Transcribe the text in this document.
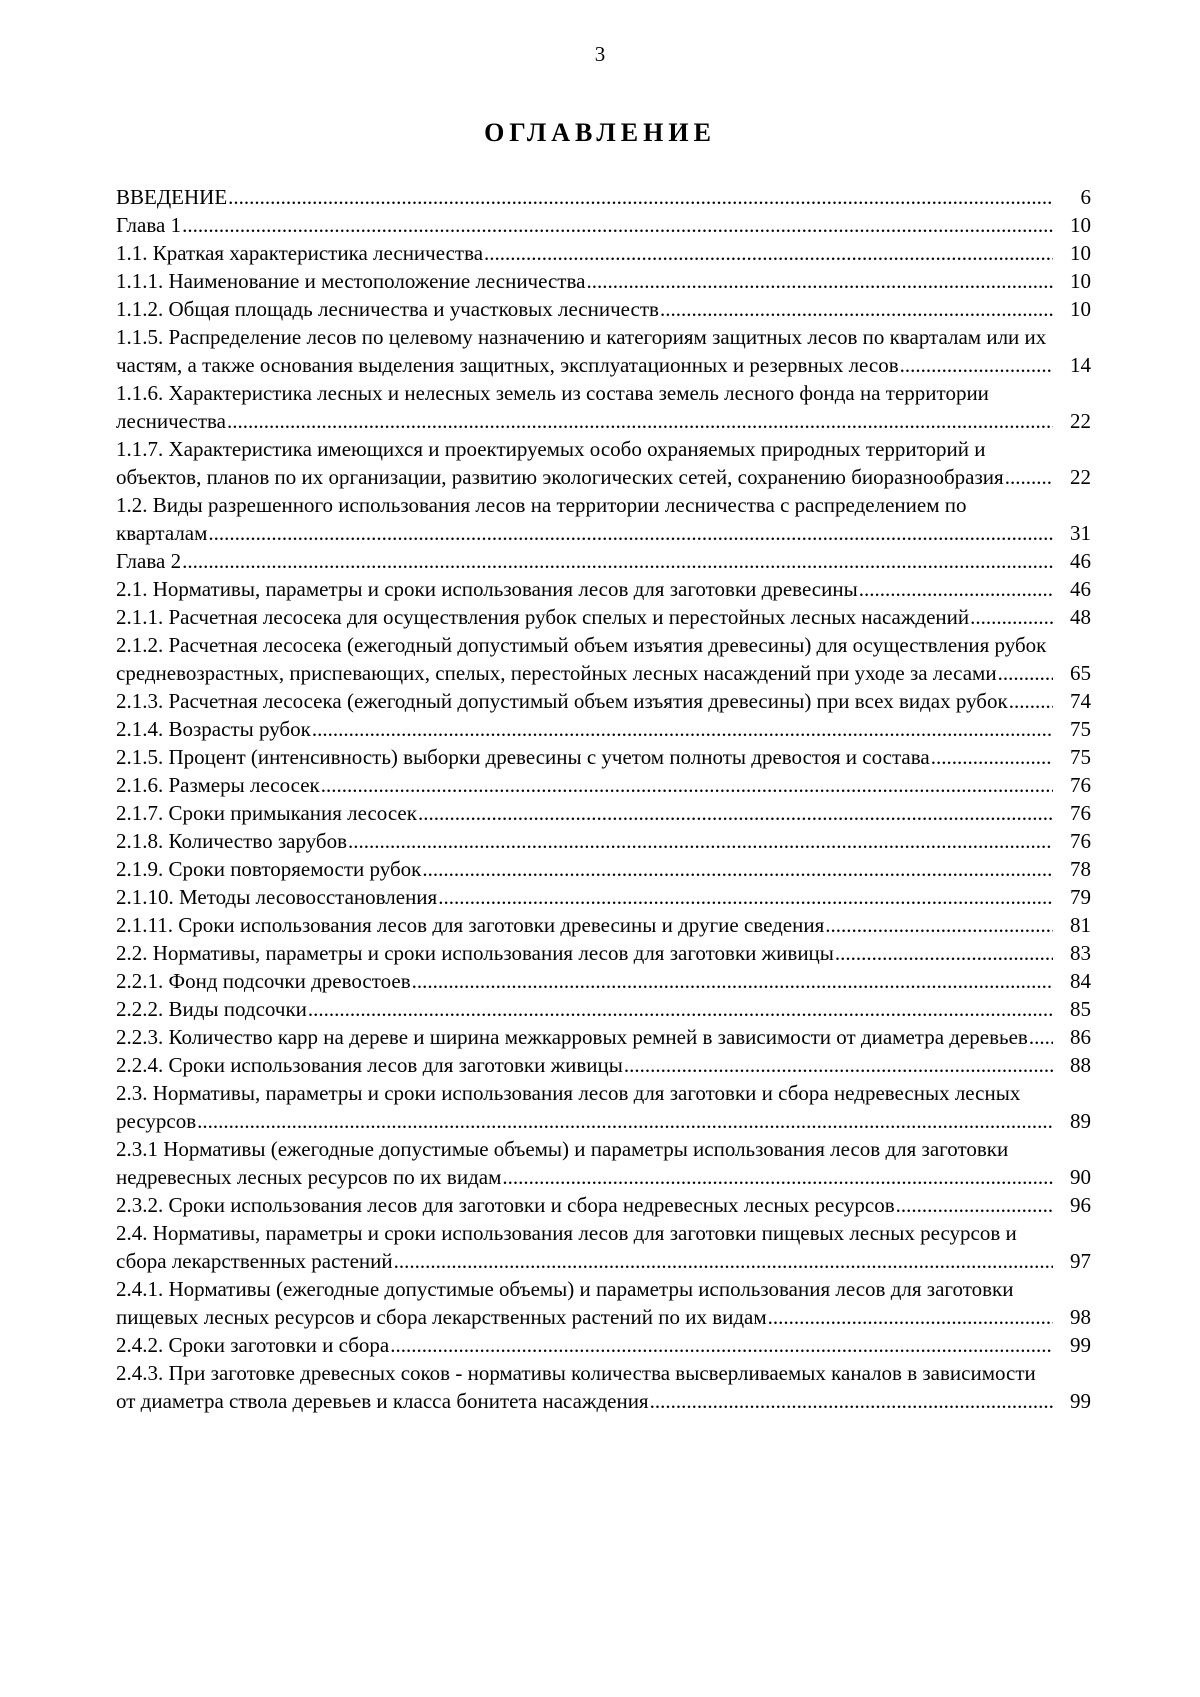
3
ОГЛАВЛЕНИЕ
ВВЕДЕНИЕ .....	6
Глава 1 .....	10
1.1. Краткая характеристика лесничества .....	10
1.1.1. Наименование и местоположение лесничества .....	10
1.1.2. Общая площадь лесничества и участковых лесничеств .....	10
1.1.5. Распределение лесов по целевому назначению и категориям защитных лесов по кварталам или их частям, а также основания выделения защитных, эксплуатационных и резервных лесов .....	14
1.1.6. Характеристика лесных и нелесных земель из состава земель лесного фонда на территории лесничества .....	22
1.1.7. Характеристика имеющихся и проектируемых особо охраняемых природных территорий и объектов, планов по их организации, развитию экологических сетей, сохранению биоразнообразия .....	22
1.2. Виды разрешенного использования лесов на территории лесничества с распределением по кварталам .....	31
Глава 2 .....	46
2.1. Нормативы, параметры и сроки использования лесов для заготовки древесины .....	46
2.1.1. Расчетная лесосека для осуществления рубок спелых и перестойных лесных насаждений .....	48
2.1.2. Расчетная лесосека (ежегодный допустимый объем изъятия древесины) для осуществления рубок средневозрастных, приспевающих, спелых, перестойных лесных насаждений при уходе за лесами .....	65
2.1.3. Расчетная лесосека (ежегодный допустимый объем изъятия древесины) при всех видах рубок .....	74
2.1.4. Возрасты рубок .....	75
2.1.5. Процент (интенсивность) выборки древесины с учетом полноты древостоя и состава .....	75
2.1.6. Размеры лесосек .....	76
2.1.7. Сроки примыкания лесосек .....	76
2.1.8. Количество зарубов .....	76
2.1.9. Сроки повторяемости рубок .....	78
2.1.10. Методы лесовосстановления .....	79
2.1.11. Сроки использования лесов для заготовки древесины и другие сведения .....	81
2.2. Нормативы, параметры и сроки использования лесов для заготовки живицы .....	83
2.2.1. Фонд подсочки древостоев .....	84
2.2.2. Виды подсочки .....	85
2.2.3. Количество карр на дереве и ширина межкарровых ремней в зависимости от диаметра деревьев .....	86
2.2.4. Сроки использования лесов для заготовки живицы .....	88
2.3. Нормативы, параметры и сроки использования лесов для заготовки и сбора недревесных лесных ресурсов .....	89
2.3.1 Нормативы (ежегодные допустимые объемы) и параметры использования лесов для заготовки недревесных лесных ресурсов по их видам .....	90
2.3.2. Сроки использования лесов для заготовки и сбора недревесных лесных ресурсов .....	96
2.4. Нормативы, параметры и сроки использования лесов для заготовки пищевых лесных ресурсов и сбора лекарственных растений .....	97
2.4.1. Нормативы (ежегодные допустимые объемы) и параметры использования лесов для заготовки пищевых лесных ресурсов и сбора лекарственных растений по их видам .....	98
2.4.2. Сроки заготовки и сбора .....	99
2.4.3. При заготовке древесных соков - нормативы количества высверливаемых каналов в зависимости от диаметра ствола деревьев и класса бонитета насаждения .....	99
